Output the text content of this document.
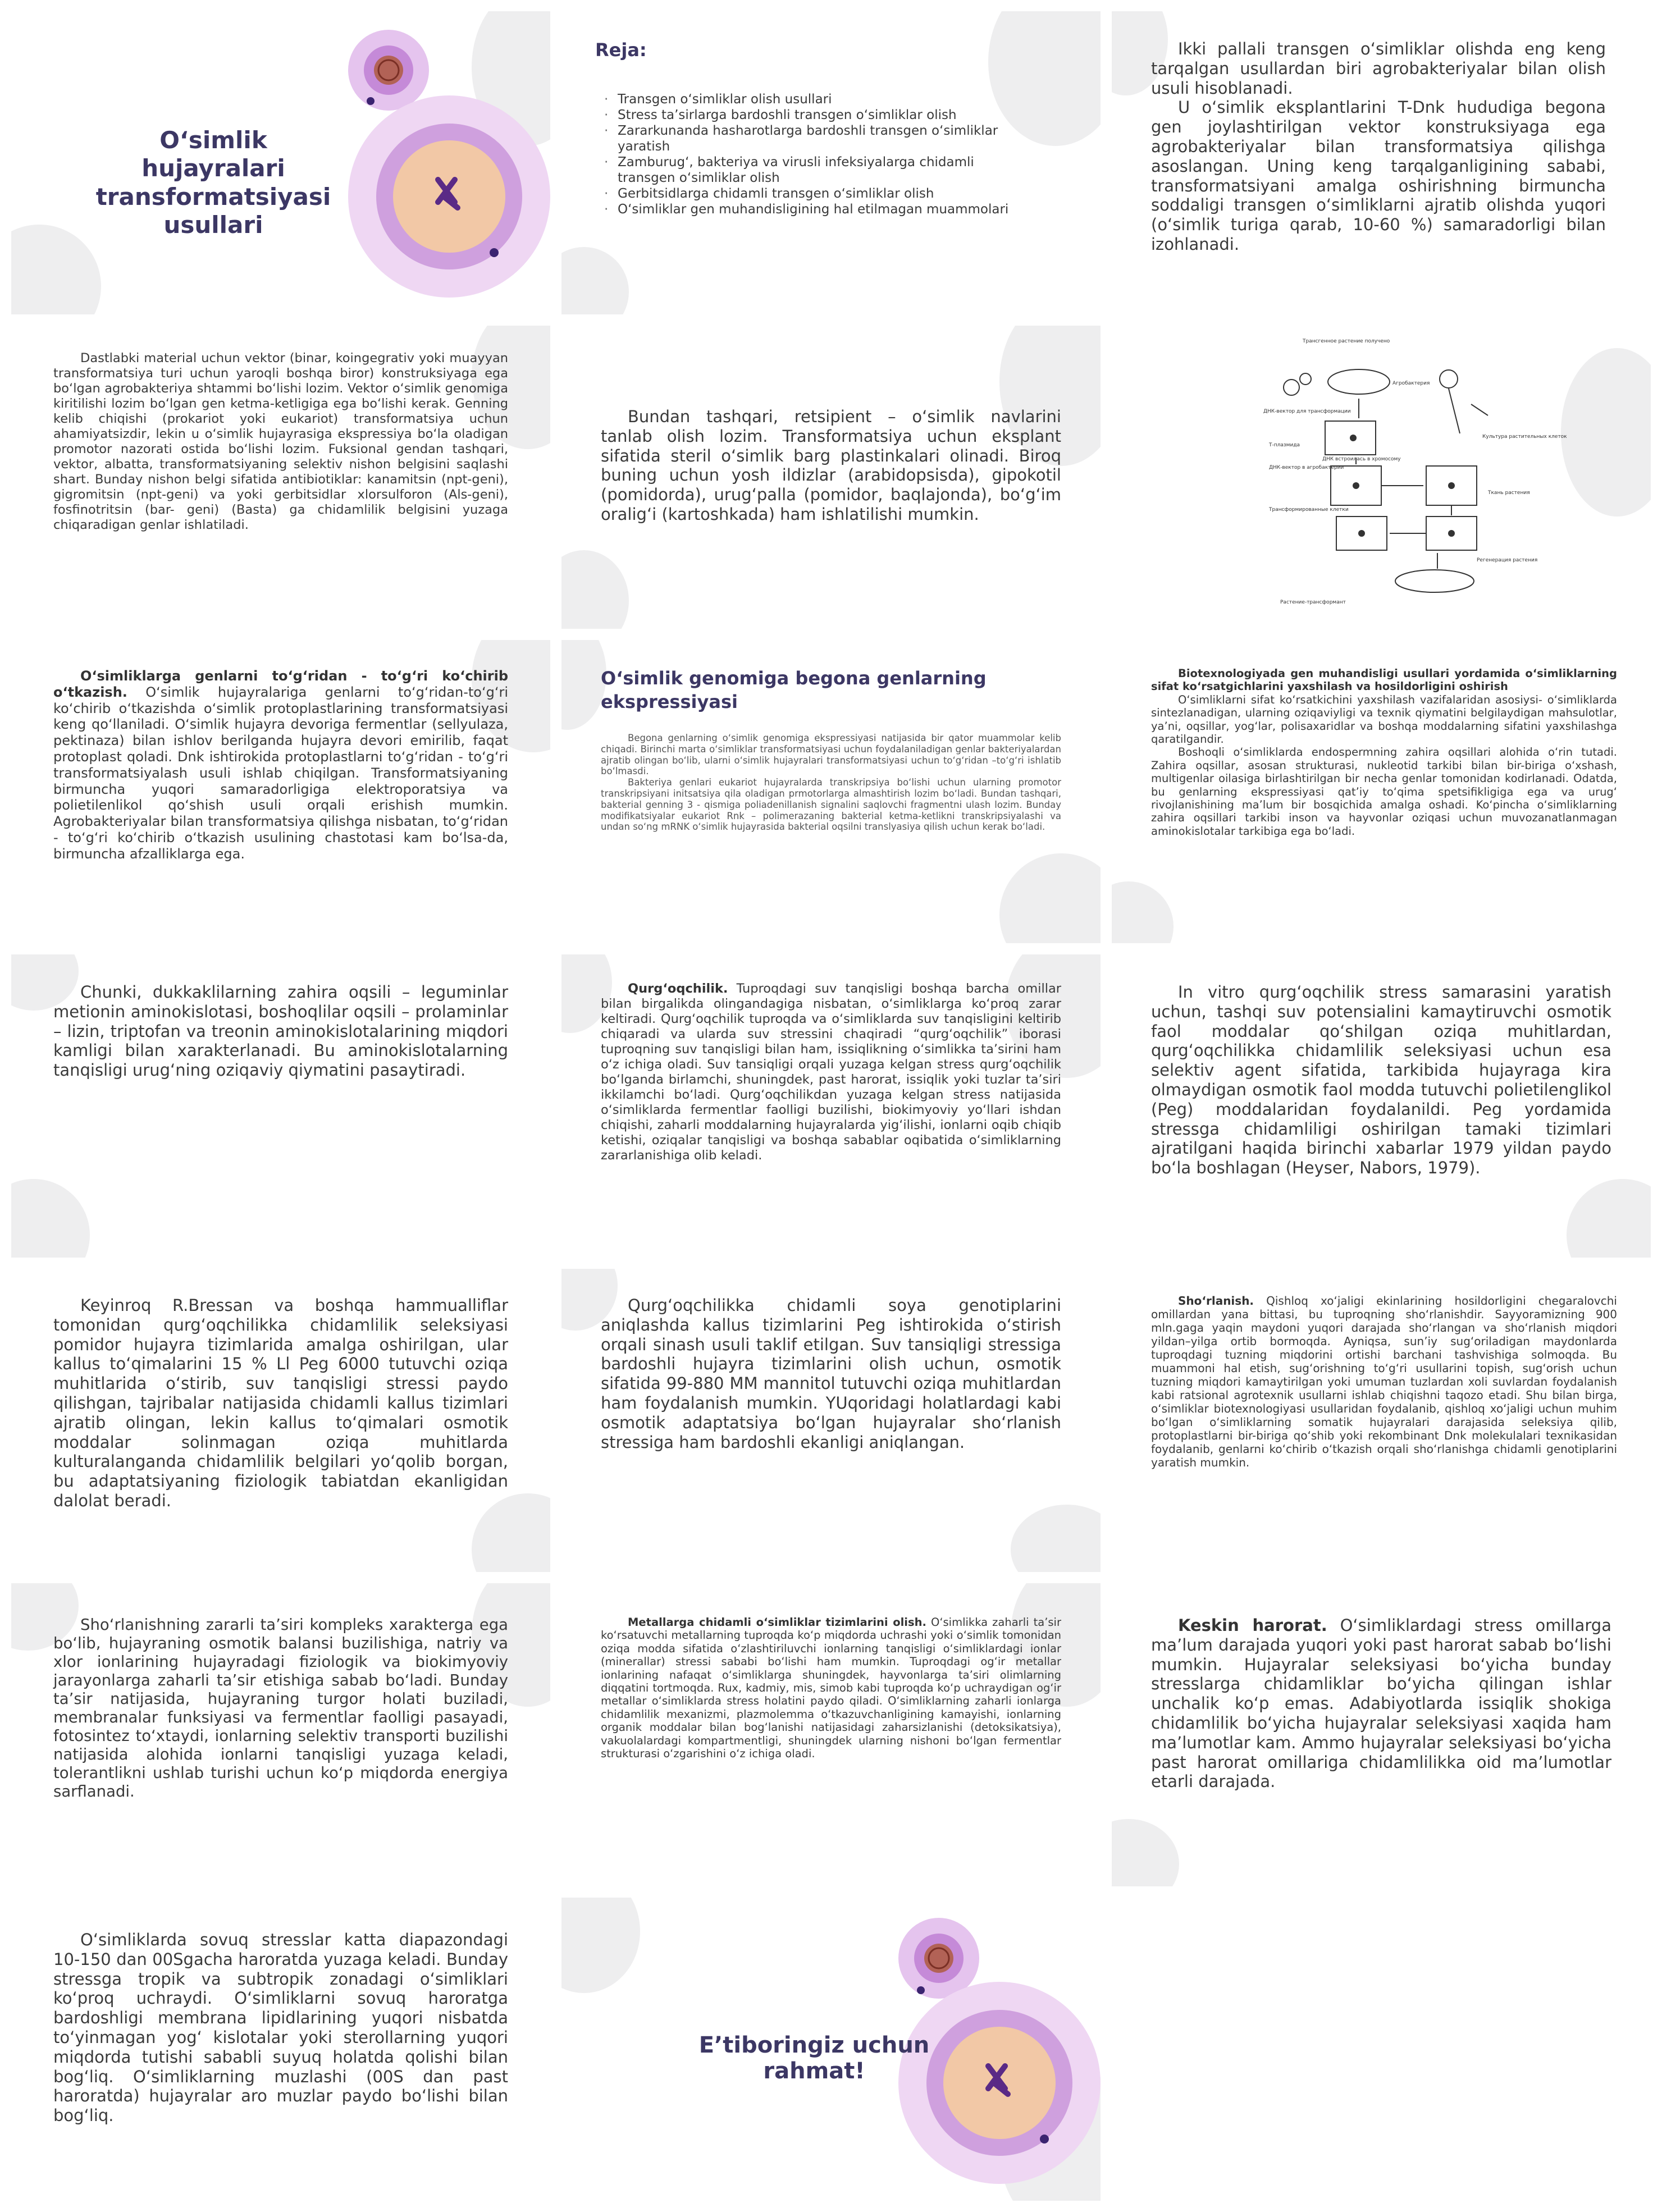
O‘simlik hujayralari transformatsiyasi usullari
Reja:
· Transgen o‘simliklar olish usullari
· Stress ta’sirlarga bardoshli transgen o‘simliklar olish
· Zararkunanda hasharotlarga bardoshli transgen o‘simliklar yaratish
· Zamburug‘, bakteriya va virusli infeksiyalarga chidamli transgen o‘simliklar olish
· Gerbitsidlarga chidamli transgen o‘simliklar olish
· O‘simliklar gen muhandisligining hal etilmagan muammolari

Ikki pallali transgen o‘simliklar olishda eng keng tarqalgan usullardan biri agrobakteriyalar bilan olish usuli hisoblanadi.

U o‘simlik eksplantlarini T-Dnk hududiga begona gen joylashtirilgan vektor konstruksiyaga ega agrobakteriyalar bilan transformatsiya qilishga asoslangan. Uning keng tarqalganligining sababi, transformatsiyani amalga oshirishning birmuncha soddaligi transgen o‘simliklarni ajratib olishda yuqori (o‘simlik turiga qarab, 10-60 %) samaradorligi bilan izohlanadi.

Dastlabki material uchun vektor (binar, koingegrativ yoki muayyan transformatsiya turi uchun yaroqli boshqa biror) konstruksiyaga ega bo‘lgan agrobakteriya shtammi bo‘lishi lozim. Vektor o‘simlik genomiga kiritilishi lozim bo‘lgan gen ketma-ketligiga ega bo‘lishi kerak. Genning kelib chiqishi (prokariot yoki eukariot) transformatsiya uchun ahamiyatsizdir, lekin u o‘simlik hujayrasiga ekspressiya bo‘la oladigan promotor nazorati ostida bo‘lishi lozim. Fuksional gendan tashqari, vektor, albatta, transformatsiyaning selektiv nishon belgisini saqlashi shart. Bunday nishon belgi sifatida antibiotiklar: kanamitsin (npt-geni), gigromitsin (npt-geni) va yoki gerbitsidlar xlorsulforon (Als-geni), fosfinotritsin (bar- geni) (Basta) ga chidamlilik belgisini yuzaga chiqaradigan genlar ishlatiladi.

Bundan tashqari, retsipient – o‘simlik navlarini tanlab olish lozim. Transformatsiya uchun eksplant sifatida steril o‘simlik barg plastinkalari olinadi. Biroq buning uchun yosh ildizlar (arabidopsisda), gipokotil (pomidorda), urug‘palla (pomidor, baqlajonda), bo‘g‘im oralig‘i (kartoshkada) ham ishlatilishi mumkin.

Трансгенное растение получено
ДНК-вектор для трансформации
Агробактерия
Т-плазмида
ДНК-вектор в агробактерии
Культура растительных клеток
ДНК встроилась в хромосому
Ткань растения
Трансформированные клетки
Регенерация растения
Растение-трансформант

O‘simliklarga genlarni to‘g‘ridan - to‘g‘ri ko‘chirib o‘tkazish. O‘simlik hujayralariga genlarni to‘g‘ridan-to‘g‘ri ko‘chirib o‘tkazishda o‘simlik protoplastlarining transformatsiyasi keng qo‘llaniladi. O‘simlik hujayra devoriga fermentlar (sellyulaza, pektinaza) bilan ishlov berilganda hujayra devori emirilib, faqat protoplast qoladi. Dnk ishtirokida protoplastlarni to‘g‘ridan - to‘g‘ri transformatsiyalash usuli ishlab chiqilgan. Transformatsiyaning birmuncha yuqori samaradorligiga elektroporatsiya va polietilenlikol qo‘shish usuli orqali erishish mumkin. Agrobakteriyalar bilan transformatsiya qilishga nisbatan, to‘g‘ridan - to‘g‘ri ko‘chirib o‘tkazish usulining chastotasi kam bo‘lsa-da, birmuncha afzalliklarga ega.

O‘simlik genomiga begona genlarning ekspressiyasi

Begona genlarning o‘simlik genomiga ekspressiyasi natijasida bir qator muammolar kelib chiqadi. Birinchi marta o‘simliklar transformatsiyasi uchun foydalaniladigan genlar bakteriyalardan ajratib olingan bo‘lib, ularni o‘simlik hujayralari transformatsiyasi uchun to‘g‘ridan –to‘g‘ri ishlatib bo‘lmasdi.

Bakteriya genlari eukariot hujayralarda transkripsiya bo‘lishi uchun ularning promotor transkripsiyani initsatsiya qila oladigan prmotorlarga almashtirish lozim bo‘ladi. Bundan tashqari, bakterial genning 3 - qismiga poliadenillanish signalini saqlovchi fragmentni ulash lozim. Bunday modifikatsiyalar eukariot Rnk – polimerazaning bakterial ketma-ketlikni transkripsiyalashi va undan so‘ng mRNK o‘simlik hujayrasida bakterial oqsilni translyasiya qilish uchun kerak bo‘ladi.

Biotexnologiyada gen muhandisligi usullari yordamida o‘simliklarning sifat ko‘rsatgichlarini yaxshilash va hosildorligini oshirish

O‘simliklarni sifat ko‘rsatkichini yaxshilash vazifalaridan asosiysi- o‘simliklarda sintezlanadigan, ularning oziqaviyligi va texnik qiymatini belgilaydigan mahsulotlar, ya’ni, oqsillar, yog‘lar, polisaxaridlar va boshqa moddalarning sifatini yaxshilashga qaratilgandir.

Boshoqli o‘simliklarda endospermning zahira oqsillari alohida o‘rin tutadi. Zahira oqsillar, asosan strukturasi, nukleotid tarkibi bilan bir-biriga o‘xshash, multigenlar oilasiga birlashtirilgan bir necha genlar tomonidan kodirlanadi. Odatda, bu genlarning ekspressiyasi qat’iy to‘qima spetsifikligiga ega va urug‘ rivojlanishining ma’lum bir bosqichida amalga oshadi. Ko‘pincha o‘simliklarning zahira oqsillari tarkibi inson va hayvonlar oziqasi uchun muvozanatlanmagan aminokislotalar tarkibiga ega bo‘ladi.

Chunki, dukkaklilarning zahira oqsili – leguminlar metionin aminokislotasi, boshoqlilar oqsili – prolaminlar – lizin, triptofan va treonin aminokislotalarining miqdori kamligi bilan xarakterlanadi. Bu aminokislotalarning tanqisligi urug‘ning oziqaviy qiymatini pasaytiradi.

Qurg‘oqchilik. Tuproqdagi suv tanqisligi boshqa barcha omillar bilan birgalikda olingandagiga nisbatan, o‘simliklarga ko‘proq zarar keltiradi. Qurg‘oqchilik tuproqda va o‘simliklarda suv tanqisligini keltirib chiqaradi va ularda suv stressini chaqiradi “qurg‘oqchilik” iborasi tuproqning suv tanqisligi bilan ham, issiqlikning o‘simlikka ta’sirini ham o‘z ichiga oladi. Suv tansiqligi orqali yuzaga kelgan stress qurg‘oqchilik bo‘lganda birlamchi, shuningdek, past harorat, issiqlik yoki tuzlar ta’siri ikkilamchi bo‘ladi. Qurg‘oqchilikdan yuzaga kelgan stress natijasida o‘simliklarda fermentlar faolligi buzilishi, biokimyoviy yo‘llari ishdan chiqishi, zaharli moddalarning hujayralarda yig‘ilishi, ionlarni oqib chiqib ketishi, oziqalar tanqisligi va boshqa sabablar oqibatida o‘simliklarning zararlanishiga olib keladi.

In vitro qurg‘oqchilik stress samarasini yaratish uchun, tashqi suv potensialini kamaytiruvchi osmotik faol moddalar qo‘shilgan oziqa muhitlardan, qurg‘oqchilikka chidamlilik seleksiyasi uchun esa selektiv agent sifatida, tarkibida hujayraga kira olmaydigan osmotik faol modda tutuvchi polietilenglikol (Peg) moddalaridan foydalanildi. Peg yordamida stressga chidamliligi oshirilgan tamaki tizimlari ajratilgani haqida birinchi xabarlar 1979 yildan paydo bo‘la boshlagan (Heyser, Nabors, 1979).

Keyinroq R.Bressan va boshqa hammualliflar tomonidan qurg‘oqchilikka chidamlilik seleksiyasi pomidor hujayra tizimlarida amalga oshirilgan, ular kallus to‘qimalarini 15 % Ll Peg 6000 tutuvchi oziqa muhitlarida o‘stirib, suv tanqisligi stressi paydo qilishgan, tajribalar natijasida chidamli kallus tizimlari ajratib olingan, lekin kallus to‘qimalari osmotik moddalar solinmagan oziqa muhitlarda kulturalanganda chidamlilik belgilari yo‘qolib borgan, bu adaptatsiyaning fiziologik tabiatdan ekanligidan dalolat beradi.

Qurg‘oqchilikka chidamli soya genotiplarini aniqlashda kallus tizimlarini Peg ishtirokida o‘stirish orqali sinash usuli taklif etilgan. Suv tansiqligi stressiga bardoshli hujayra tizimlarini olish uchun, osmotik sifatida 99-880 MM mannitol tutuvchi oziqa muhitlardan ham foydalanish mumkin. YUqoridagi holatlardagi kabi osmotik adaptatsiya bo‘lgan hujayralar sho‘rlanish stressiga ham bardoshli ekanligi aniqlangan.

Sho‘rlanish. Qishloq xo‘jaligi ekinlarining hosildorligini chegaralovchi omillardan yana bittasi, bu tuproqning sho‘rlanishdir. Sayyoramizning 900 mln.gaga yaqin maydoni yuqori darajada sho‘rlangan va sho‘rlanish miqdori yildan–yilga ortib bormoqda. Ayniqsa, sun’iy sug‘oriladigan maydonlarda tuproqdagi tuzning miqdorini ortishi barchani tashvishiga solmoqda. Bu muammoni hal etish, sug‘orishning to‘g‘ri usullarini topish, sug‘orish uchun tuzning miqdori kamaytirilgan yoki umuman tuzlardan xoli suvlardan foydalanish kabi ratsional agrotexnik usullarni ishlab chiqishni taqozo etadi. Shu bilan birga, o‘simliklar biotexnologiyasi usullaridan foydalanib, qishloq xo‘jaligi uchun muhim bo‘lgan o‘simliklarning somatik hujayralari darajasida seleksiya qilib, protoplastlarni bir-biriga qo‘shib yoki rekombinant Dnk molekulalari texnikasidan foydalanib, genlarni ko‘chirib o‘tkazish orqali sho‘rlanishga chidamli genotiplarini yaratish mumkin.

Sho‘rlanishning zararli ta’siri kompleks xarakterga ega bo‘lib, hujayraning osmotik balansi buzilishiga, natriy va xlor ionlarining hujayradagi fiziologik va biokimyoviy jarayonlarga zaharli ta’sir etishiga sabab bo‘ladi. Bunday ta’sir natijasida, hujayraning turgor holati buziladi, membranalar funksiyasi va fermentlar faolligi pasayadi, fotosintez to‘xtaydi, ionlarning selektiv transporti buzilishi natijasida alohida ionlarni tanqisligi yuzaga keladi, tolerantlikni ushlab turishi uchun ko‘p miqdorda energiya sarflanadi.

Metallarga chidamli o‘simliklar tizimlarini olish. O‘simlikka zaharli ta’sir ko‘rsatuvchi metallarning tuproqda ko‘p miqdorda uchrashi yoki o‘simlik tomonidan oziqa modda sifatida o‘zlashtiriluvchi ionlarning tanqisligi o‘simliklardagi ionlar (minerallar) stressi sababi bo‘lishi ham mumkin. Tuproqdagi og‘ir metallar ionlarining nafaqat o‘simliklarga shuningdek, hayvonlarga ta’siri olimlarning diqqatini tortmoqda. Rux, kadmiy, mis, simob kabi tuproqda ko‘p uchraydigan og‘ir metallar o‘simliklarda stress holatini paydo qiladi. O‘simliklarning zaharli ionlarga chidamlilik mexanizmi, plazmolemma o‘tkazuvchanligining kamayishi, ionlarning organik moddalar bilan bog‘lanishi natijasidagi zaharsizlanishi (detoksikatsiya), vakuolalardagi kompartmentligi, shuningdek ularning nishoni bo‘lgan fermentlar strukturasi o‘zgarishini o‘z ichiga oladi.

Keskin harorat. O‘simliklardagi stress omillarga ma’lum darajada yuqori yoki past harorat sabab bo‘lishi mumkin. Hujayralar seleksiyasi bo‘yicha bunday stresslarga chidamliklar bo‘yicha qilingan ishlar unchalik ko‘p emas. Adabiyotlarda issiqlik shokiga chidamlilik bo‘yicha hujayralar seleksiyasi xaqida ham ma’lumotlar kam. Ammo hujayralar seleksiyasi bo‘yicha past harorat omillariga chidamlilikka oid ma’lumotlar etarli darajada.

O‘simliklarda sovuq stresslar katta diapazondagi 10-150 dan 00Sgacha haroratda yuzaga keladi. Bunday stressga tropik va subtropik zonadagi o‘simliklari ko‘proq uchraydi. O‘simliklarni sovuq haroratga bardoshligi membrana lipidlarining yuqori nisbatda to‘yinmagan yog‘ kislotalar yoki sterollarning yuqori miqdorda tutishi sababli suyuq holatda qolishi bilan bog‘liq. O‘simliklarning muzlashi (00S dan past haroratda) hujayralar aro muzlar paydo bo‘lishi bilan bog‘liq.

E’tiboringiz uchun rahmat!
